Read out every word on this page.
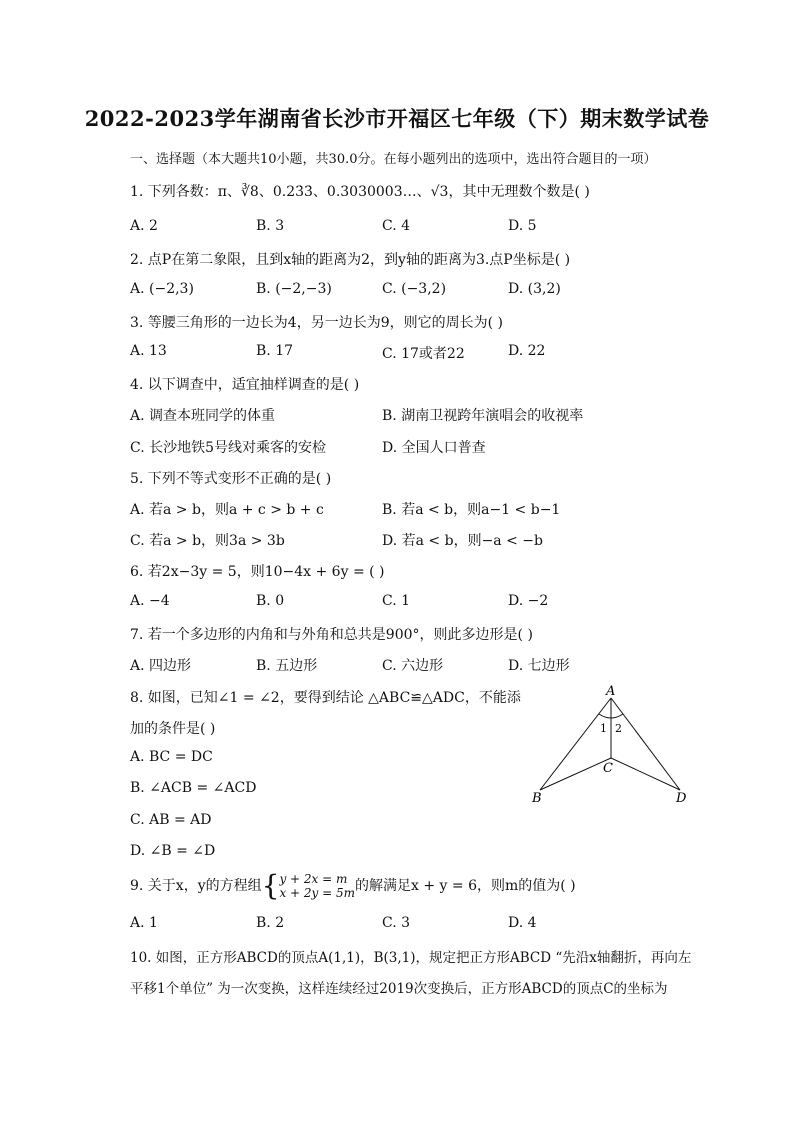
2022-2023学年湖南省长沙市开福区七年级（下）期末数学试卷
一、选择题（本大题共10小题，共30.0分。在每小题列出的选项中，选出符合题目的一项）
1. 下列各数：π、∛8、0.23̇3̇、0.3030003…、√3，其中无理数个数是( )
A. 2	B. 3	C. 4	D. 5
2. 点P在第二象限，且到x轴的距离为2，到y轴的距离为3.点P坐标是( )
A. (−2,3)	B. (−2,−3)	C. (−3,2)	D. (3,2)
3. 等腰三角形的一边长为4，另一边长为9，则它的周长为( )
A. 13	B. 17	C. 17或者22	D. 22
4. 以下调查中，适宜抽样调查的是( )
A. 调查本班同学的体重	B. 湖南卫视跨年演唱会的收视率
C. 长沙地铁5号线对乘客的安检	D. 全国人口普查
5. 下列不等式变形不正确的是( )
A. 若a > b，则a + c > b + c	B. 若a < b，则a−1 < b−1
C. 若a > b，则3a > 3b	D. 若a < b，则−a < −b
6. 若2x−3y = 5，则10−4x + 6y = ( )
A. −4	B. 0	C. 1	D. −2
7. 若一个多边形的内角和与外角和总共是900°，则此多边形是( )
A. 四边形	B. 五边形	C. 六边形	D. 七边形
8. 如图，已知∠1 = ∠2，要得到结论 △ABC≌△ADC，不能添
加的条件是( )
A. BC = DC
B. ∠ACB = ∠ACD
C. AB = AD
D. ∠B = ∠D
A
B
C
D
1 2
9. 关于x，y的方程组{y + 2x = m
x + 2y = 5m的解满足x + y = 6，则m的值为( )
A. 1	B. 2	C. 3	D. 4
10. 如图，正方形ABCD的顶点A(1,1)，B(3,1)，规定把正方形ABCD “先沿x轴翻折，再向左
平移1个单位” 为一次变换，这样连续经过2019次变换后，正方形ABCD的顶点C的坐标为
